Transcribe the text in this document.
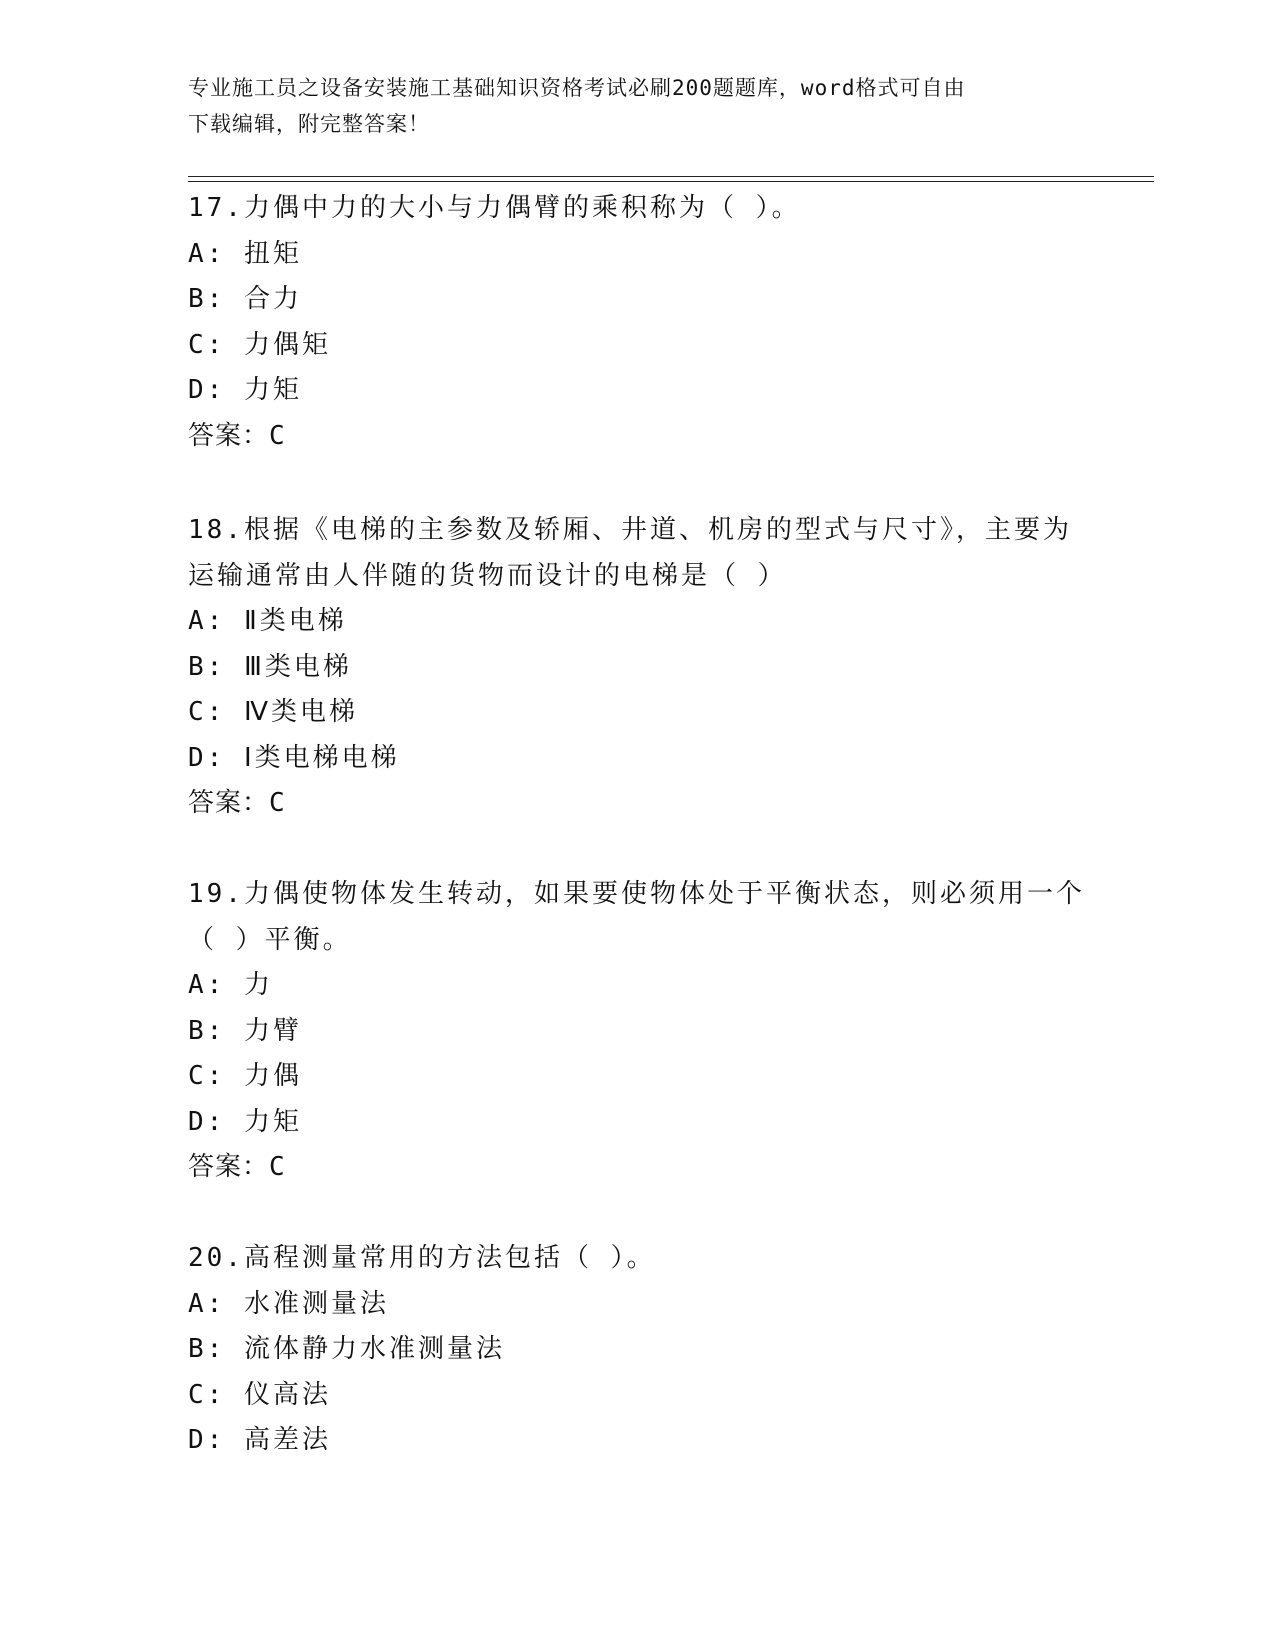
专业施工员之设备安装施工基础知识资格考试必刷200题题库，word格式可自由
下载编辑，附完整答案！
17.力偶中力的大小与力偶臂的乘积称为（ ）。
A: 扭矩
B: 合力
C: 力偶矩
D: 力矩
答案：C
18.根据《电梯的主参数及轿厢、井道、机房的型式与尺寸》，主要为
运输通常由人伴随的货物而设计的电梯是（ ）
A: Ⅱ类电梯
B: Ⅲ类电梯
C: Ⅳ类电梯
D: Ⅰ类电梯电梯
答案：C
19.力偶使物体发生转动，如果要使物体处于平衡状态，则必须用一个
（ ）平衡。
A: 力
B: 力臂
C: 力偶
D: 力矩
答案：C
20.高程测量常用的方法包括（ ）。
A: 水准测量法
B: 流体静力水准测量法
C: 仪高法
D: 高差法
